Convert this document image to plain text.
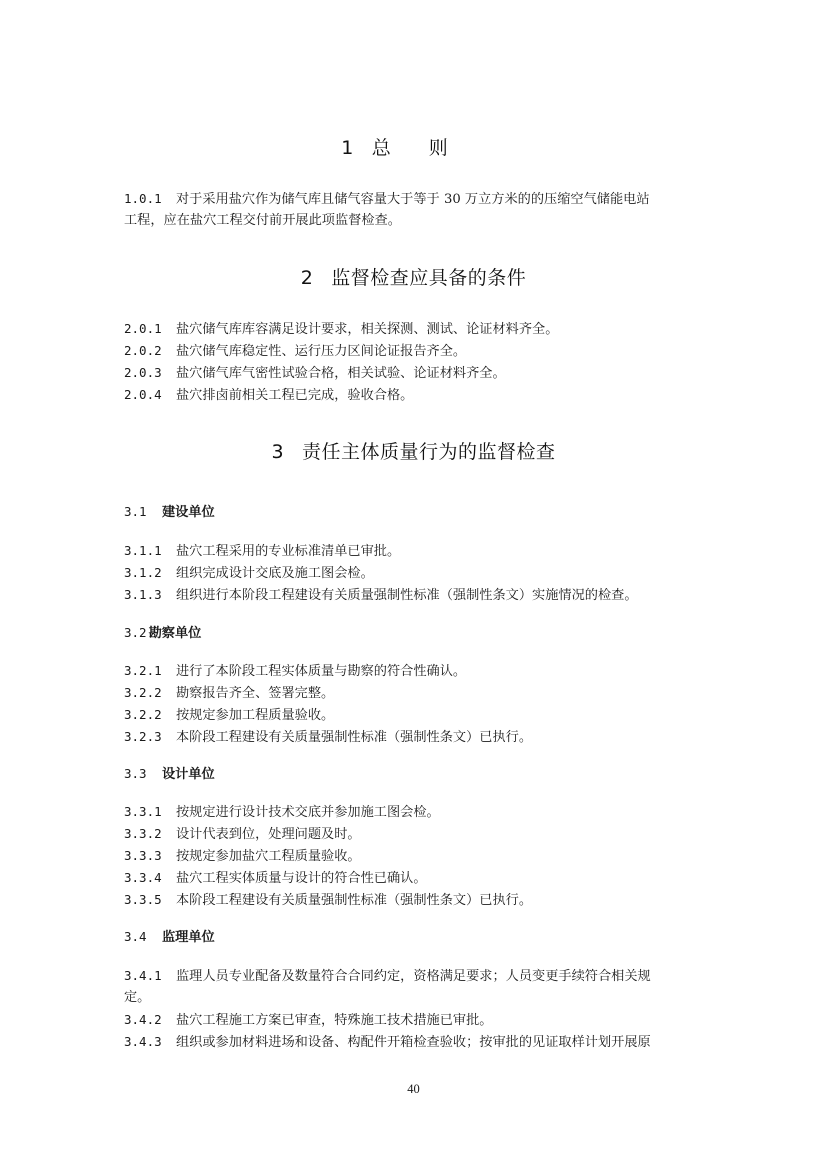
1 总则
1.0.1 对于采用盐穴作为储气库且储气容量大于等于 30 万立方米的的压缩空气储能电站
工程，应在盐穴工程交付前开展此项监督检查。
2 监督检查应具备的条件
2.0.1 盐穴储气库库容满足设计要求，相关探测、测试、论证材料齐全。
2.0.2 盐穴储气库稳定性、运行压力区间论证报告齐全。
2.0.3 盐穴储气库气密性试验合格，相关试验、论证材料齐全。
2.0.4 盐穴排卤前相关工程已完成，验收合格。
3 责任主体质量行为的监督检查
3.1 建设单位
3.1.1 盐穴工程采用的专业标准清单已审批。
3.1.2 组织完成设计交底及施工图会检。
3.1.3 组织进行本阶段工程建设有关质量强制性标准（强制性条文）实施情况的检查。
3.2 勘察单位
3.2.1 进行了本阶段工程实体质量与勘察的符合性确认。
3.2.2 勘察报告齐全、签署完整。
3.2.2 按规定参加工程质量验收。
3.2.3 本阶段工程建设有关质量强制性标准（强制性条文）已执行。
3.3 设计单位
3.3.1 按规定进行设计技术交底并参加施工图会检。
3.3.2 设计代表到位，处理问题及时。
3.3.3 按规定参加盐穴工程质量验收。
3.3.4 盐穴工程实体质量与设计的符合性已确认。
3.3.5 本阶段工程建设有关质量强制性标准（强制性条文）已执行。
3.4 监理单位
3.4.1 监理人员专业配备及数量符合合同约定，资格满足要求；人员变更手续符合相关规
定。
3.4.2 盐穴工程施工方案已审查，特殊施工技术措施已审批。
3.4.3 组织或参加材料进场和设备、构配件开箱检查验收；按审批的见证取样计划开展原
40
